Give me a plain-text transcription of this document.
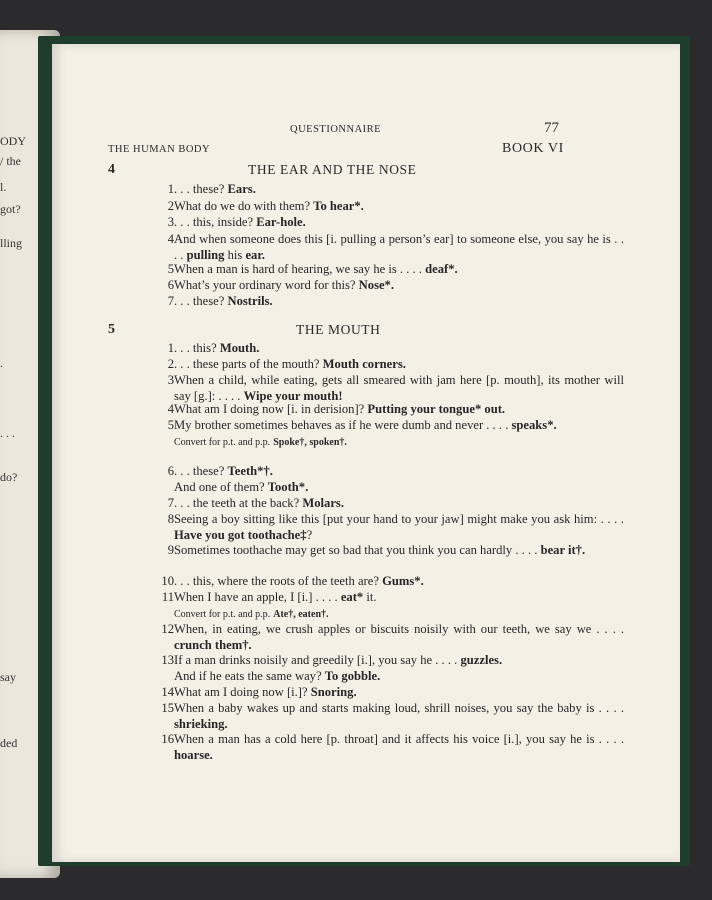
ODY
/ the
l.
got?
lling
.
. . .
do?
say
ded
QUESTIONNAIRE	77
THE HUMAN BODY	BOOK VI
4	THE EAR AND THE NOSE
1 . . . these? Ears.
2 What do we do with them? To hear*.
3 . . . this, inside? Ear-hole.
4 And when someone does this [i. pulling a person’s ear] to someone else, you say he is . . . . pulling his ear.
5 When a man is hard of hearing, we say he is . . . . deaf*.
6 What’s your ordinary word for this? Nose*.
7 . . . these? Nostrils.
5	THE MOUTH
1 . . . this? Mouth.
2 . . . these parts of the mouth? Mouth corners.
3 When a child, while eating, gets all smeared with jam here [p. mouth], its mother will say [g.]: . . . . Wipe your mouth!
4 What am I doing now [i. in derision]? Putting your tongue* out.
5 My brother sometimes behaves as if he were dumb and never . . . . speaks*.
Convert for p.t. and p.p. Spoke†, spoken†.
6 . . . these? Teeth*†.
And one of them? Tooth*.
7 . . . the teeth at the back? Molars.
8 Seeing a boy sitting like this [put your hand to your jaw] might make you ask him: . . . . Have you got toothache‡?
9 Sometimes toothache may get so bad that you think you can hardly . . . . bear it†.
10 . . . this, where the roots of the teeth are? Gums*.
11 When I have an apple, I [i.] . . . . eat* it.
Convert for p.t. and p.p. Ate†, eaten†.
12 When, in eating, we crush apples or biscuits noisily with our teeth, we say we . . . . crunch them†.
13 If a man drinks noisily and greedily [i.], you say he . . . . guzzles.
And if he eats the same way? To gobble.
14 What am I doing now [i.]? Snoring.
15 When a baby wakes up and starts making loud, shrill noises, you say the baby is . . . . shrieking.
16 When a man has a cold here [p. throat] and it affects his voice [i.], you say he is . . . . hoarse.
